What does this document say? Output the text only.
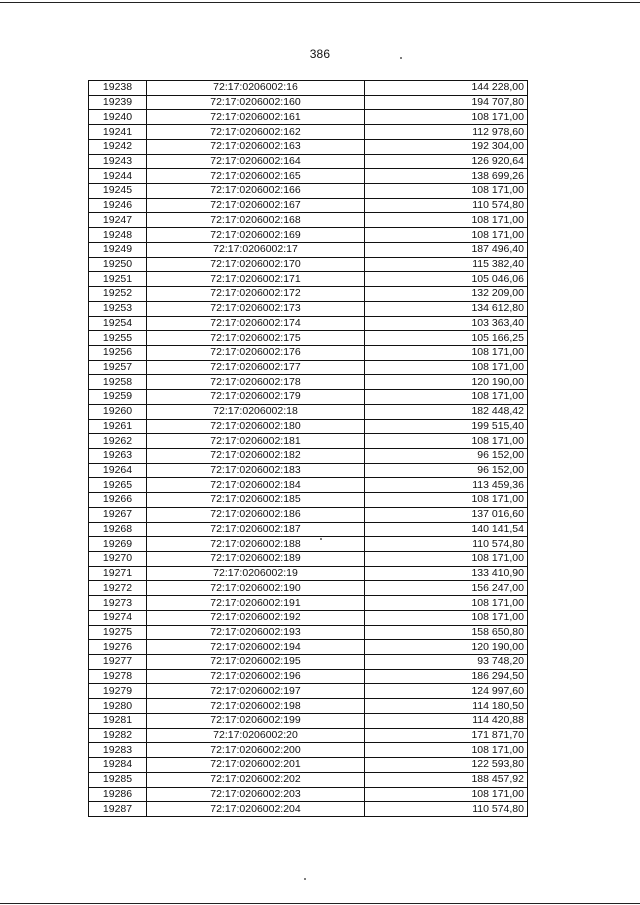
386
19238	72:17:0206002:16	144 228,00
19239	72:17:0206002:160	194 707,80
19240	72:17:0206002:161	108 171,00
19241	72:17:0206002:162	112 978,60
19242	72:17:0206002:163	192 304,00
19243	72:17:0206002:164	126 920,64
19244	72:17:0206002:165	138 699,26
19245	72:17:0206002:166	108 171,00
19246	72:17:0206002:167	110 574,80
19247	72:17:0206002:168	108 171,00
19248	72:17:0206002:169	108 171,00
19249	72:17:0206002:17	187 496,40
19250	72:17:0206002:170	115 382,40
19251	72:17:0206002:171	105 046,06
19252	72:17:0206002:172	132 209,00
19253	72:17:0206002:173	134 612,80
19254	72:17:0206002:174	103 363,40
19255	72:17:0206002:175	105 166,25
19256	72:17:0206002:176	108 171,00
19257	72:17:0206002:177	108 171,00
19258	72:17:0206002:178	120 190,00
19259	72:17:0206002:179	108 171,00
19260	72:17:0206002:18	182 448,42
19261	72:17:0206002:180	199 515,40
19262	72:17:0206002:181	108 171,00
19263	72:17:0206002:182	96 152,00
19264	72:17:0206002:183	96 152,00
19265	72:17:0206002:184	113 459,36
19266	72:17:0206002:185	108 171,00
19267	72:17:0206002:186	137 016,60
19268	72:17:0206002:187	140 141,54
19269	72:17:0206002:188	110 574,80
19270	72:17:0206002:189	108 171,00
19271	72:17:0206002:19	133 410,90
19272	72:17:0206002:190	156 247,00
19273	72:17:0206002:191	108 171,00
19274	72:17:0206002:192	108 171,00
19275	72:17:0206002:193	158 650,80
19276	72:17:0206002:194	120 190,00
19277	72:17:0206002:195	93 748,20
19278	72:17:0206002:196	186 294,50
19279	72:17:0206002:197	124 997,60
19280	72:17:0206002:198	114 180,50
19281	72:17:0206002:199	114 420,88
19282	72:17:0206002:20	171 871,70
19283	72:17:0206002:200	108 171,00
19284	72:17:0206002:201	122 593,80
19285	72:17:0206002:202	188 457,92
19286	72:17:0206002:203	108 171,00
19287	72:17:0206002:204	110 574,80
